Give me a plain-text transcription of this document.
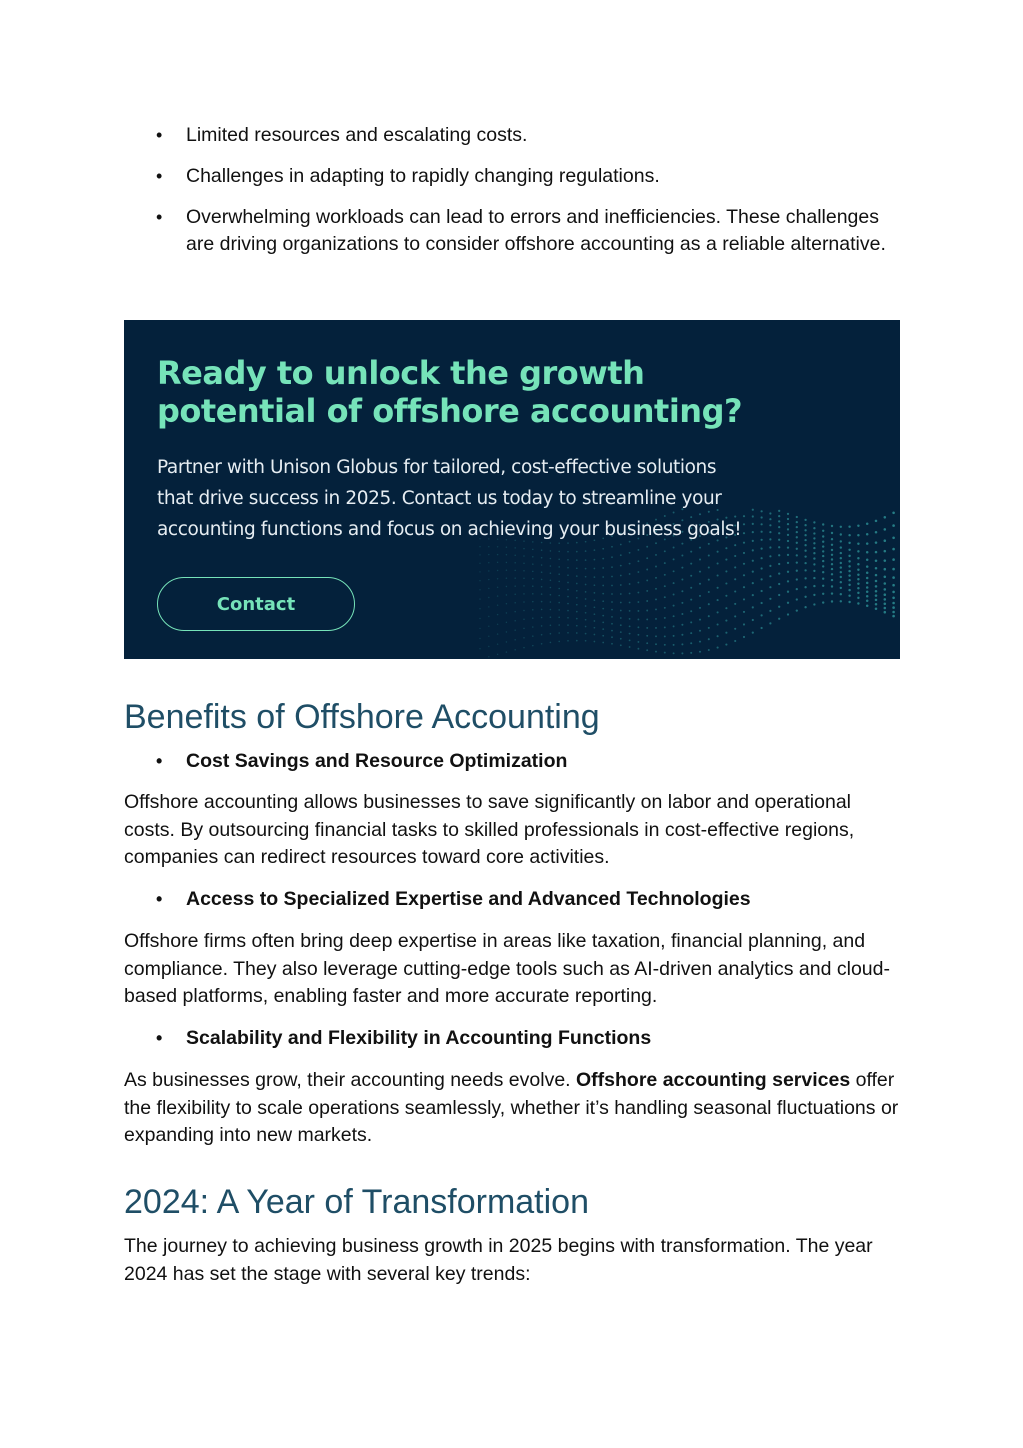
• Limited resources and escalating costs.
• Challenges in adapting to rapidly changing regulations.
• Overwhelming workloads can lead to errors and inefficiencies. These challenges are driving organizations to consider offshore accounting as a reliable alternative.
Ready to unlock the growth
potential of offshore accounting?

Partner with Unison Globus for tailored, cost-effective solutions
that drive success in 2025. Contact us today to streamline your
accounting functions and focus on achieving your business goals!

Contact
Benefits of Offshore Accounting
• Cost Savings and Resource Optimization

Offshore accounting allows businesses to save significantly on labor and operational costs. By outsourcing financial tasks to skilled professionals in cost-effective regions, companies can redirect resources toward core activities.

• Access to Specialized Expertise and Advanced Technologies

Offshore firms often bring deep expertise in areas like taxation, financial planning, and compliance. They also leverage cutting-edge tools such as AI-driven analytics and cloud-based platforms, enabling faster and more accurate reporting.

• Scalability and Flexibility in Accounting Functions

As businesses grow, their accounting needs evolve. Offshore accounting services offer the flexibility to scale operations seamlessly, whether it’s handling seasonal fluctuations or expanding into new markets.

2024: A Year of Transformation

The journey to achieving business growth in 2025 begins with transformation. The year 2024 has set the stage with several key trends:
